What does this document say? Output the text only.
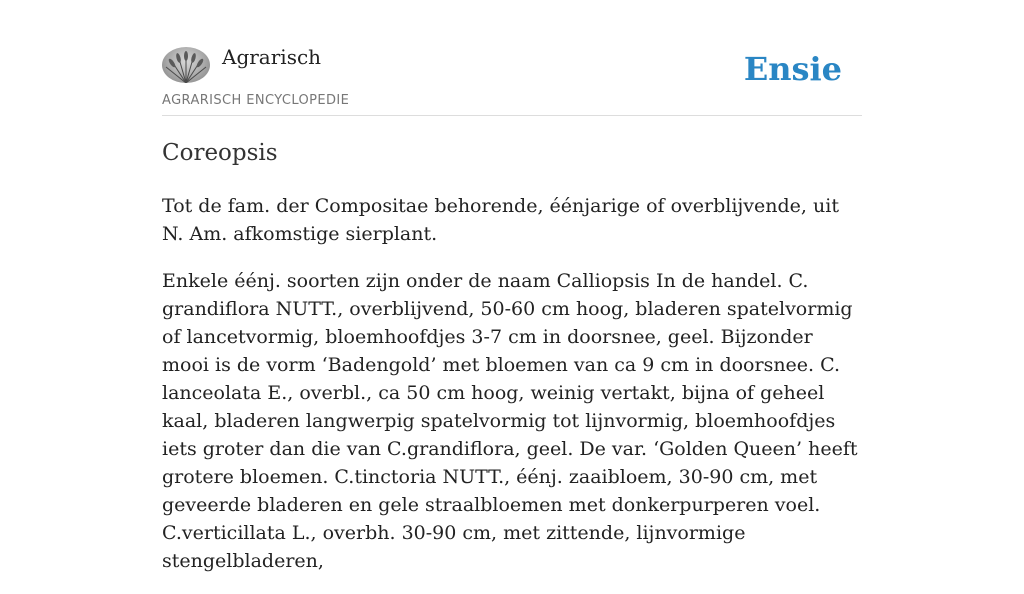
Agrarisch
AGRARISCH ENCYCLOPEDIE
Ensie
Coreopsis

Tot de fam. der Compositae behorende, éénjarige of overblijvende, uit N. Am. afkomstige sierplant.

Enkele éénj. soorten zijn onder de naam Calliopsis In de handel. C. grandiflora NUTT., overblijvend, 50-60 cm hoog, bladeren spatelvormig of lancetvormig, bloemhoofdjes 3-7 cm in doorsnee, geel. Bijzonder mooi is de vorm ‘Badengold’ met bloemen van ca 9 cm in doorsnee. C. lanceolata E., overbl., ca 50 cm hoog, weinig vertakt, bijna of geheel kaal, bladeren langwerpig spatelvormig tot lijnvormig, bloemhoofdjes iets groter dan die van C.grandiflora, geel. De var. ‘Golden Queen’ heeft grotere bloemen. C.tinctoria NUTT., éénj. zaaibloem, 30-90 cm, met geveerde bladeren en gele straalbloemen met donkerpurperen voel. C.verticillata L., overbh. 30-90 cm, met zittende, lijnvormige stengelbladeren,
